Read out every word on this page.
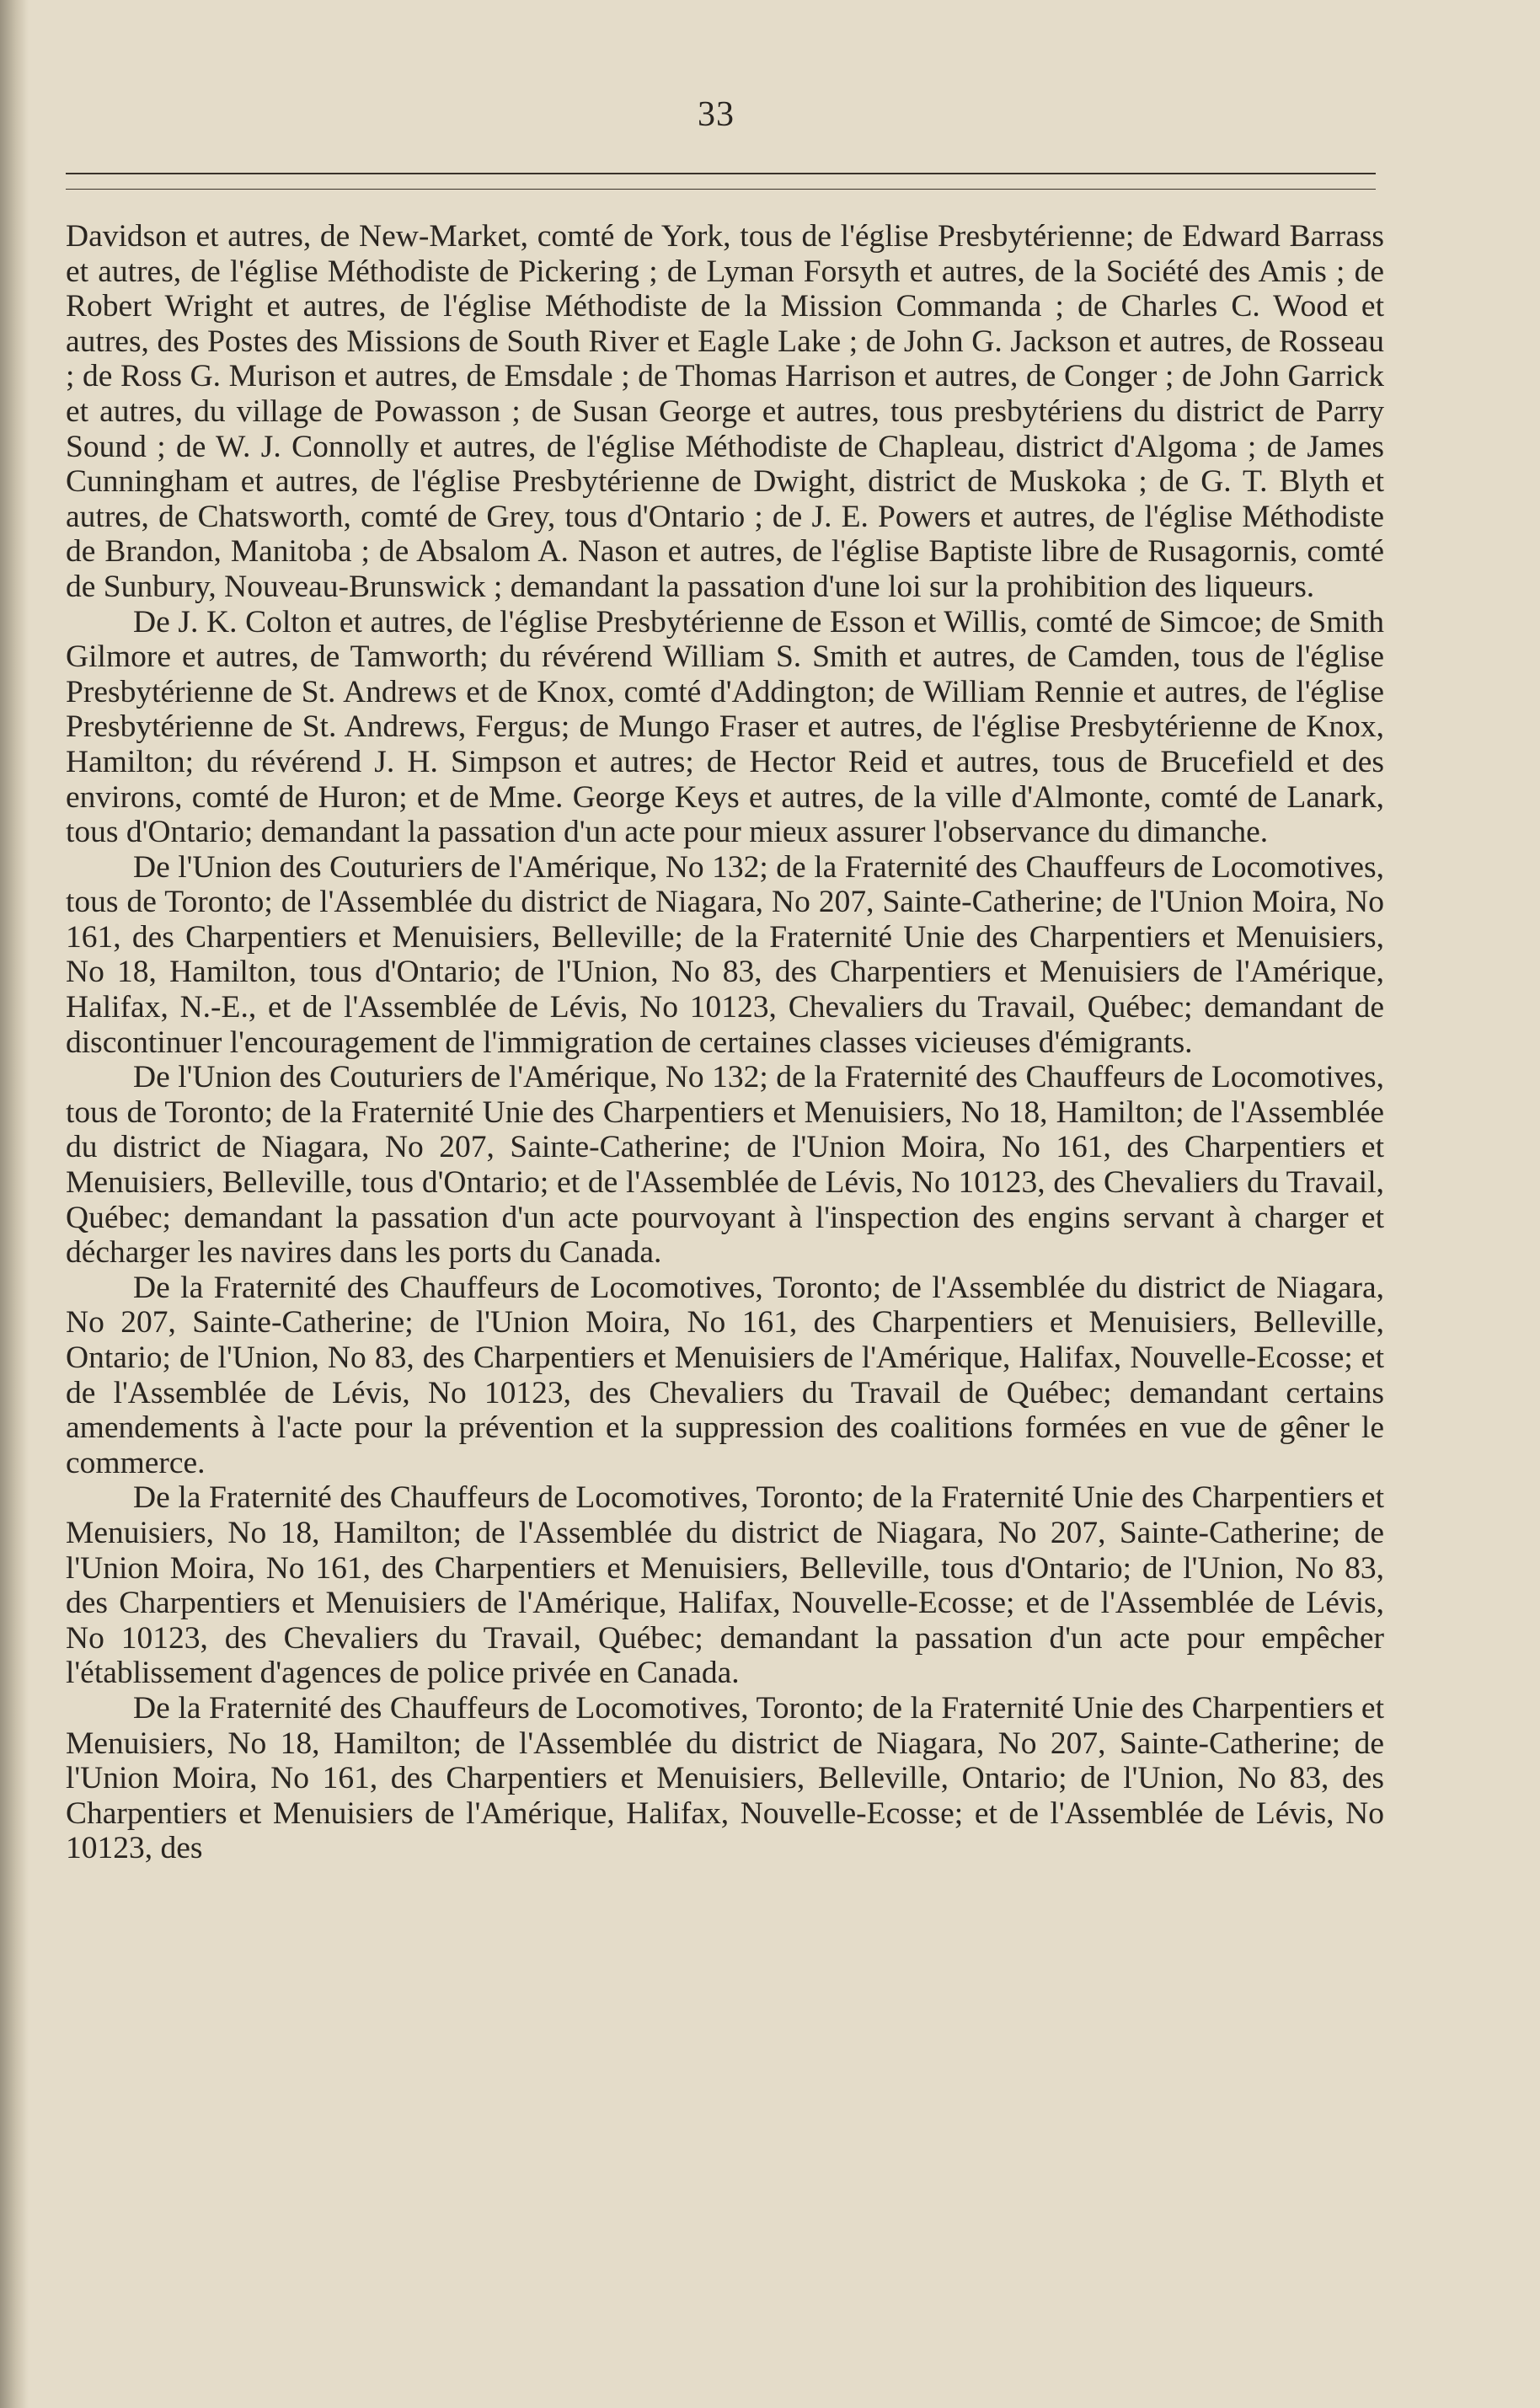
33

Davidson et autres, de New-Market, comté de York, tous de l'église Presbytérienne; de Edward Barrass et autres, de l'église Méthodiste de Pickering ; de Lyman Forsyth et autres, de la Société des Amis ; de Robert Wright et autres, de l'église Méthodiste de la Mission Commanda ; de Charles C. Wood et autres, des Postes des Missions de South River et Eagle Lake ; de John G. Jackson et autres, de Rosseau ; de Ross G. Murison et autres, de Emsdale ; de Thomas Harrison et autres, de Conger ; de John Garrick et autres, du village de Powasson ; de Susan George et autres, tous presbytériens du district de Parry Sound ; de W. J. Connolly et autres, de l'église Méthodiste de Chapleau, district d'Algoma ; de James Cunningham et autres, de l'église Presbytérienne de Dwight, district de Muskoka ; de G. T. Blyth et autres, de Chatsworth, comté de Grey, tous d'Ontario ; de J. E. Powers et autres, de l'église Méthodiste de Brandon, Manitoba ; de Absalom A. Nason et autres, de l'église Baptiste libre de Rusagornis, comté de Sunbury, Nouveau-Brunswick ; demandant la passation d'une loi sur la prohibition des liqueurs.

De J. K. Colton et autres, de l'église Presbytérienne de Esson et Willis, comté de Simcoe; de Smith Gilmore et autres, de Tamworth; du révérend William S. Smith et autres, de Camden, tous de l'église Presbytérienne de St. Andrews et de Knox, comté d'Addington; de William Rennie et autres, de l'église Presbytérienne de St. Andrews, Fergus; de Mungo Fraser et autres, de l'église Presbytérienne de Knox, Hamilton; du révérend J. H. Simpson et autres; de Hector Reid et autres, tous de Brucefield et des environs, comté de Huron; et de Mme. George Keys et autres, de la ville d'Almonte, comté de Lanark, tous d'Ontario; demandant la passation d'un acte pour mieux assurer l'observance du dimanche.

De l'Union des Couturiers de l'Amérique, No 132; de la Fraternité des Chauffeurs de Locomotives, tous de Toronto; de l'Assemblée du district de Niagara, No 207, Sainte-Catherine; de l'Union Moira, No 161, des Charpentiers et Menuisiers, Belleville; de la Fraternité Unie des Charpentiers et Menuisiers, No 18, Hamilton, tous d'Ontario; de l'Union, No 83, des Charpentiers et Menuisiers de l'Amérique, Halifax, N.-E., et de l'Assemblée de Lévis, No 10123, Chevaliers du Travail, Québec; demandant de discontinuer l'encouragement de l'immigration de certaines classes vicieuses d'émigrants.

De l'Union des Couturiers de l'Amérique, No 132; de la Fraternité des Chauffeurs de Locomotives, tous de Toronto; de la Fraternité Unie des Charpentiers et Menuisiers, No 18, Hamilton; de l'Assemblée du district de Niagara, No 207, Sainte-Catherine; de l'Union Moira, No 161, des Charpentiers et Menuisiers, Belleville, tous d'Ontario; et de l'Assemblée de Lévis, No 10123, des Chevaliers du Travail, Québec; demandant la passation d'un acte pourvoyant à l'inspection des engins servant à charger et décharger les navires dans les ports du Canada.

De la Fraternité des Chauffeurs de Locomotives, Toronto; de l'Assemblée du district de Niagara, No 207, Sainte-Catherine; de l'Union Moira, No 161, des Charpentiers et Menuisiers, Belleville, Ontario; de l'Union, No 83, des Charpentiers et Menuisiers de l'Amérique, Halifax, Nouvelle-Ecosse; et de l'Assemblée de Lévis, No 10123, des Chevaliers du Travail de Québec; demandant certains amendements à l'acte pour la prévention et la suppression des coalitions formées en vue de gêner le commerce.

De la Fraternité des Chauffeurs de Locomotives, Toronto; de la Fraternité Unie des Charpentiers et Menuisiers, No 18, Hamilton; de l'Assemblée du district de Niagara, No 207, Sainte-Catherine; de l'Union Moira, No 161, des Charpentiers et Menuisiers, Belleville, tous d'Ontario; de l'Union, No 83, des Charpentiers et Menuisiers de l'Amérique, Halifax, Nouvelle-Ecosse; et de l'Assemblée de Lévis, No 10123, des Chevaliers du Travail, Québec; demandant la passation d'un acte pour empêcher l'établissement d'agences de police privée en Canada.

De la Fraternité des Chauffeurs de Locomotives, Toronto; de la Fraternité Unie des Charpentiers et Menuisiers, No 18, Hamilton; de l'Assemblée du district de Niagara, No 207, Sainte-Catherine; de l'Union Moira, No 161, des Charpentiers et Menuisiers, Belleville, Ontario; de l'Union, No 83, des Charpentiers et Menuisiers de l'Amérique, Halifax, Nouvelle-Ecosse; et de l'Assemblée de Lévis, No 10123, des
